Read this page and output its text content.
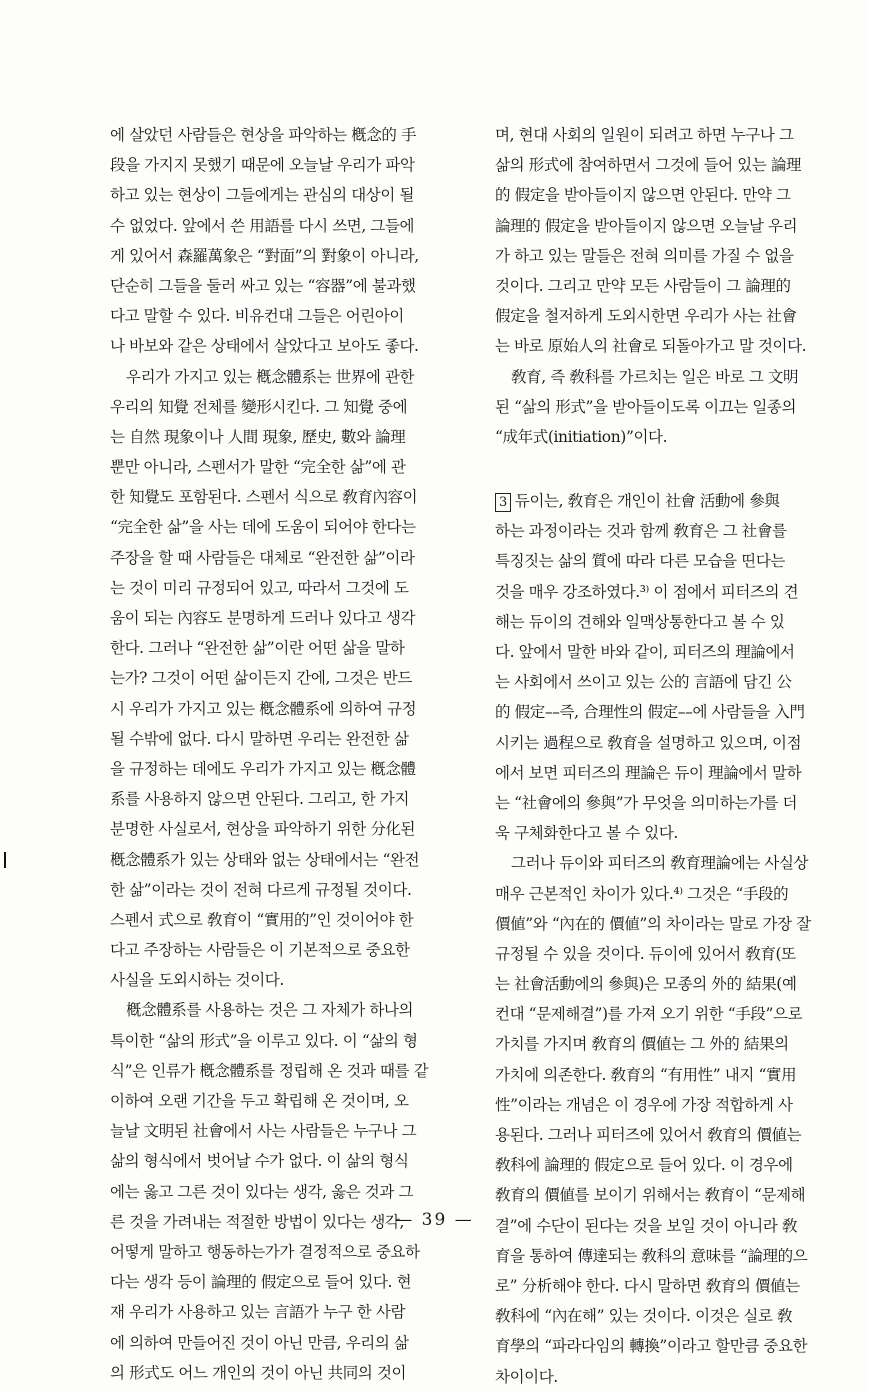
에 살았던 사람들은 현상을 파악하는 槪念的 手
段을 가지지 못했기 때문에 오늘날 우리가 파악
하고 있는 현상이 그들에게는 관심의 대상이 될
수 없었다. 앞에서 쓴 用語를 다시 쓰면, 그들에
게 있어서 森羅萬象은 “對面”의 對象이 아니라,
단순히 그들을 둘러 싸고 있는 “容器”에 불과했
다고 말할 수 있다. 비유컨대 그들은 어린아이
나 바보와 같은 상태에서 살았다고 보아도 좋다.
우리가 가지고 있는 槪念體系는 世界에 관한
우리의 知覺 전체를 變形시킨다. 그 知覺 중에
는 自然 現象이나 人間 現象, 歷史, 數와 論理
뿐만 아니라, 스펜서가 말한 “完全한 삶”에 관
한 知覺도 포함된다. 스펜서 식으로 敎育內容이
“完全한 삶”을 사는 데에 도움이 되어야 한다는
주장을 할 때 사람들은 대체로 “완전한 삶”이라
는 것이 미리 규정되어 있고, 따라서 그것에 도
움이 되는 內容도 분명하게 드러나 있다고 생각
한다. 그러나 “완전한 삶”이란 어떤 삶을 말하
는가? 그것이 어떤 삶이든지 간에, 그것은 반드
시 우리가 가지고 있는 槪念體系에 의하여 규정
될 수밖에 없다. 다시 말하면 우리는 완전한 삶
을 규정하는 데에도 우리가 가지고 있는 槪念體
系를 사용하지 않으면 안된다. 그리고, 한 가지
분명한 사실로서, 현상을 파악하기 위한 分化된
槪念體系가 있는 상태와 없는 상태에서는 “완전
한 삶”이라는 것이 전혀 다르게 규정될 것이다.
스펜서 式으로 敎育이 “實用的”인 것이어야 한
다고 주장하는 사람들은 이 기본적으로 중요한
사실을 도외시하는 것이다.
槪念體系를 사용하는 것은 그 자체가 하나의
특이한 “삶의 形式”을 이루고 있다. 이 “삶의 형
식”은 인류가 槪念體系를 정립해 온 것과 때를 같
이하여 오랜 기간을 두고 확립해 온 것이며, 오
늘날 文明된 社會에서 사는 사람들은 누구나 그
삶의 형식에서 벗어날 수가 없다. 이 삶의 형식
에는 옳고 그른 것이 있다는 생각, 옳은 것과 그
른 것을 가려내는 적절한 방법이 있다는 생각,
어떻게 말하고 행동하는가가 결정적으로 중요하
다는 생각 등이 論理的 假定으로 들어 있다. 현
재 우리가 사용하고 있는 言語가 누구 한 사람
에 의하여 만들어진 것이 아닌 만큼, 우리의 삶
의 形式도 어느 개인의 것이 아닌 共同의 것이
며, 현대 사회의 일원이 되려고 하면 누구나 그
삶의 形式에 참여하면서 그것에 들어 있는 論理
的 假定을 받아들이지 않으면 안된다. 만약 그
論理的 假定을 받아들이지 않으면 오늘날 우리
가 하고 있는 말들은 전혀 의미를 가질 수 없을
것이다. 그리고 만약 모든 사람들이 그 論理的
假定을 철저하게 도외시한면 우리가 사는 社會
는 바로 原始人의 社會로 되돌아가고 말 것이다.
敎育, 즉 敎科를 가르치는 일은 바로 그 文明
된 “삶의 形式”을 받아들이도록 이끄는 일종의
“成年式(initiation)”이다.
3 듀이는, 敎育은 개인이 社會 活動에 參與
하는 과정이라는 것과 함께 敎育은 그 社會를
특징짓는 삶의 質에 따라 다른 모습을 띤다는
것을 매우 강조하였다.³⁾ 이 점에서 피터즈의 견
해는 듀이의 견해와 일맥상통한다고 볼 수 있
다. 앞에서 말한 바와 같이, 피터즈의 理論에서
는 사회에서 쓰이고 있는 公的 言語에 담긴 公
的 假定––즉, 合理性의 假定––에 사람들을 入門
시키는 過程으로 敎育을 설명하고 있으며, 이점
에서 보면 피터즈의 理論은 듀이 理論에서 말하
는 “社會에의 參與”가 무엇을 의미하는가를 더
욱 구체화한다고 볼 수 있다.
그러나 듀이와 피터즈의 敎育理論에는 사실상
매우 근본적인 차이가 있다.⁴⁾ 그것은 “手段的
價値”와 “內在的 價値”의 차이라는 말로 가장 잘
규정될 수 있을 것이다. 듀이에 있어서 敎育(또
는 社會活動에의 參與)은 모종의 外的 結果(예
컨대 “문제해결”)를 가져 오기 위한 “手段”으로
가치를 가지며 敎育의 價値는 그 外的 結果의
가치에 의존한다. 敎育의 “有用性” 내지 “實用
性”이라는 개념은 이 경우에 가장 적합하게 사
용된다. 그러나 피터즈에 있어서 敎育의 價値는
敎科에 論理的 假定으로 들어 있다. 이 경우에
敎育의 價値를 보이기 위해서는 敎育이 “문제해
결”에 수단이 된다는 것을 보일 것이 아니라 敎
育을 통하여 傳達되는 敎科의 意味를 “論理的으
로” 分析해야 한다. 다시 말하면 敎育의 價値는
敎科에 “內在해” 있는 것이다. 이것은 실로 敎
育學의 “파라다임의 轉換”이라고 할만큼 중요한
차이이다.
— 39 —
